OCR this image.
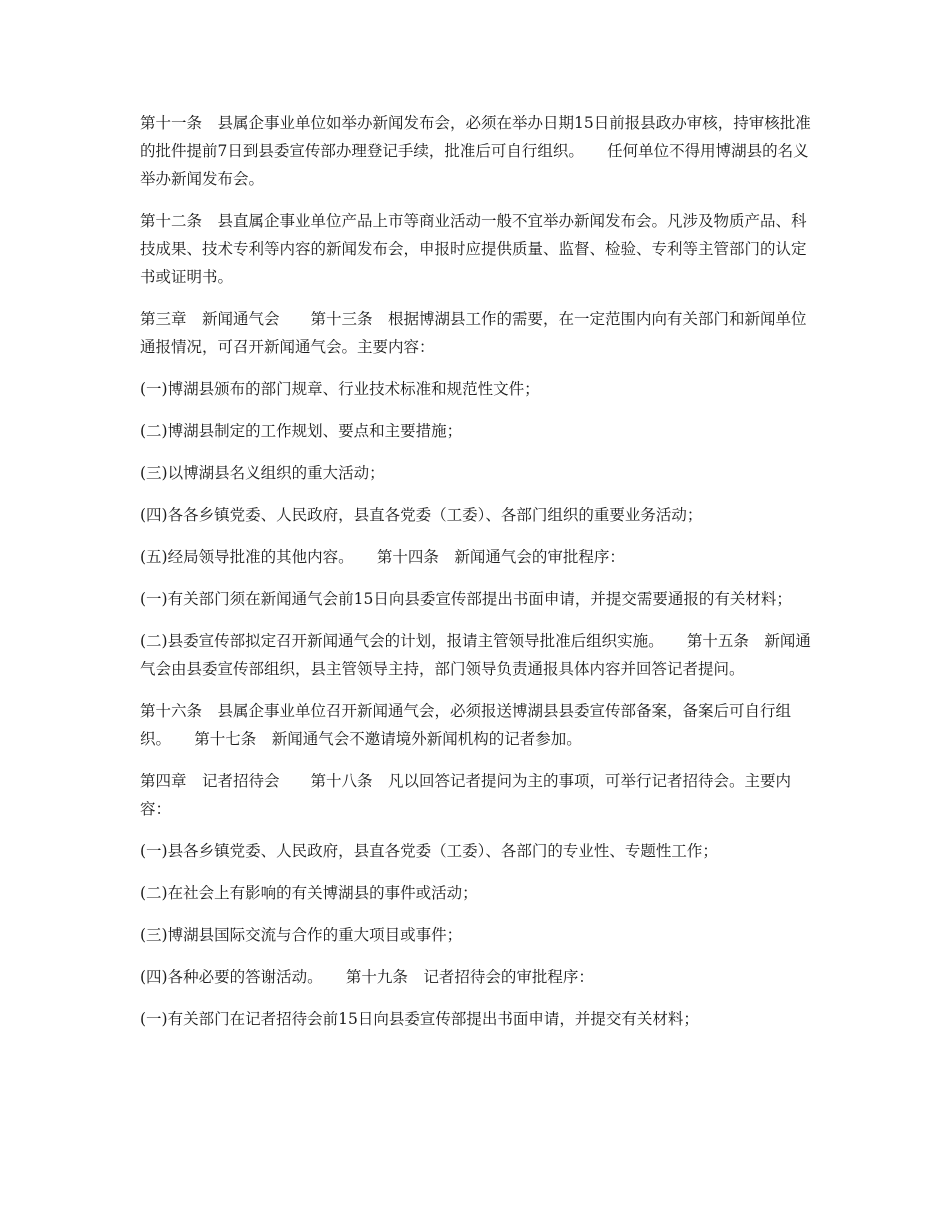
第十一条　县属企事业单位如举办新闻发布会，必须在举办日期15日前报县政办审核，持审核批准的批件提前7日到县委宣传部办理登记手续，批准后可自行组织。　　任何单位不得用博湖县的名义举办新闻发布会。

第十二条　县直属企事业单位产品上市等商业活动一般不宜举办新闻发布会。凡涉及物质产品、科技成果、技术专利等内容的新闻发布会，申报时应提供质量、监督、检验、专利等主管部门的认定书或证明书。

第三章　新闻通气会　　第十三条　根据博湖县工作的需要，在一定范围内向有关部门和新闻单位通报情况，可召开新闻通气会。主要内容：

(一)博湖县颁布的部门规章、行业技术标准和规范性文件；

(二)博湖县制定的工作规划、要点和主要措施；

(三)以博湖县名义组织的重大活动；

(四)各各乡镇党委、人民政府，县直各党委（工委）、各部门组织的重要业务活动；

(五)经局领导批准的其他内容。　　第十四条　新闻通气会的审批程序：

(一)有关部门须在新闻通气会前15日向县委宣传部提出书面申请，并提交需要通报的有关材料；

(二)县委宣传部拟定召开新闻通气会的计划，报请主管领导批准后组织实施。　　第十五条　新闻通气会由县委宣传部组织，县主管领导主持，部门领导负责通报具体内容并回答记者提问。

第十六条　县属企事业单位召开新闻通气会，必须报送博湖县县委宣传部备案，备案后可自行组织。　　第十七条　新闻通气会不邀请境外新闻机构的记者参加。

第四章　记者招待会　　第十八条　凡以回答记者提问为主的事项，可举行记者招待会。主要内容：

(一)县各乡镇党委、人民政府，县直各党委（工委）、各部门的专业性、专题性工作；

(二)在社会上有影响的有关博湖县的事件或活动；

(三)博湖县国际交流与合作的重大项目或事件；

(四)各种必要的答谢活动。　　第十九条　记者招待会的审批程序：

(一)有关部门在记者招待会前15日向县委宣传部提出书面申请，并提交有关材料；
